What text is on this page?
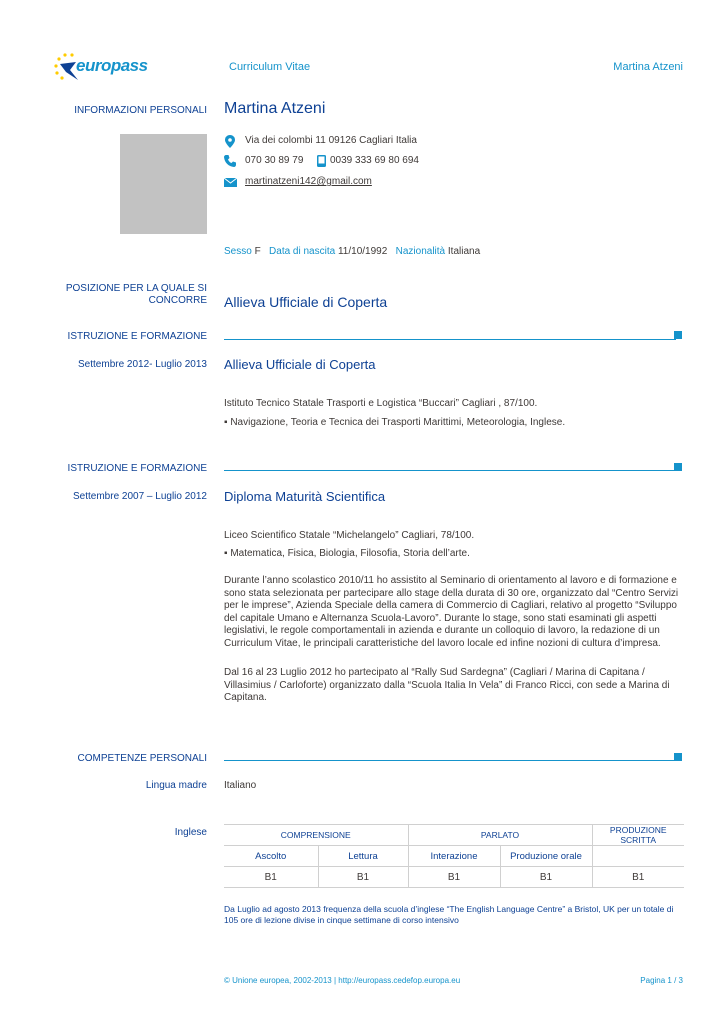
europass	Curriculum Vitae	Martina Atzeni
INFORMAZIONI PERSONALI Martina Atzeni
Via dei colombi 11 09126 Cagliari Italia
070 30 89 79	0039 333 69 80 694
martinatzeni142@gmail.com
Sesso F Data di nascita 11/10/1992 Nazionalità Italiana
POSIZIONE PER LA QUALE SI
CONCORRE Allieva Ufficiale di Coperta
ISTRUZIONE E FORMAZIONE
Settembre 2012- Luglio 2013 Allieva Ufficiale di Coperta
Istituto Tecnico Statale Trasporti e Logistica “Buccari” Cagliari , 87/100.
▪ Navigazione, Teoria e Tecnica dei Trasporti Marittimi, Meteorologia, Inglese.
ISTRUZIONE E FORMAZIONE
Settembre 2007 – Luglio 2012 Diploma Maturità Scientifica
Liceo Scientifico Statale “Michelangelo” Cagliari, 78/100.
▪ Matematica, Fisica, Biologia, Filosofia, Storia dell’arte.
Durante l’anno scolastico 2010/11 ho assistito al Seminario di orientamento al lavoro e di formazione e sono stata selezionata per partecipare allo stage della durata di 30 ore, organizzato dal “Centro Servizi per le imprese”, Azienda Speciale della camera di Commercio di Cagliari, relativo al progetto “Sviluppo del capitale Umano e Alternanza Scuola-Lavoro”. Durante lo stage, sono stati esaminati gli aspetti legislativi, le regole comportamentali in azienda e durante un colloquio di lavoro, la redazione di un Curriculum Vitae, le principali caratteristiche del lavoro locale ed infine nozioni di cultura d’impresa.
Dal 16 al 23 Luglio 2012 ho partecipato al “Rally Sud Sardegna” (Cagliari / Marina di Capitana / Villasimius / Carloforte) organizzato dalla “Scuola Italia In Vela” di Franco Ricci, con sede a Marina di Capitana.
COMPETENZE PERSONALI
Lingua madre Italiano
Inglese	COMPRENSIONE		PARLATO		PRODUZIONE SCRITTA
Ascolto	Lettura	Interazione	Produzione orale	
B1	B1	B1	B1	B1
Da Luglio ad agosto 2013 frequenza della scuola d’inglese “The English Language Centre” a Bristol, UK per un totale di 105 ore di lezione divise in cinque settimane di corso intensivo
© Unione europea, 2002-2013 | http://europass.cedefop.europa.eu	Pagina 1 / 3
